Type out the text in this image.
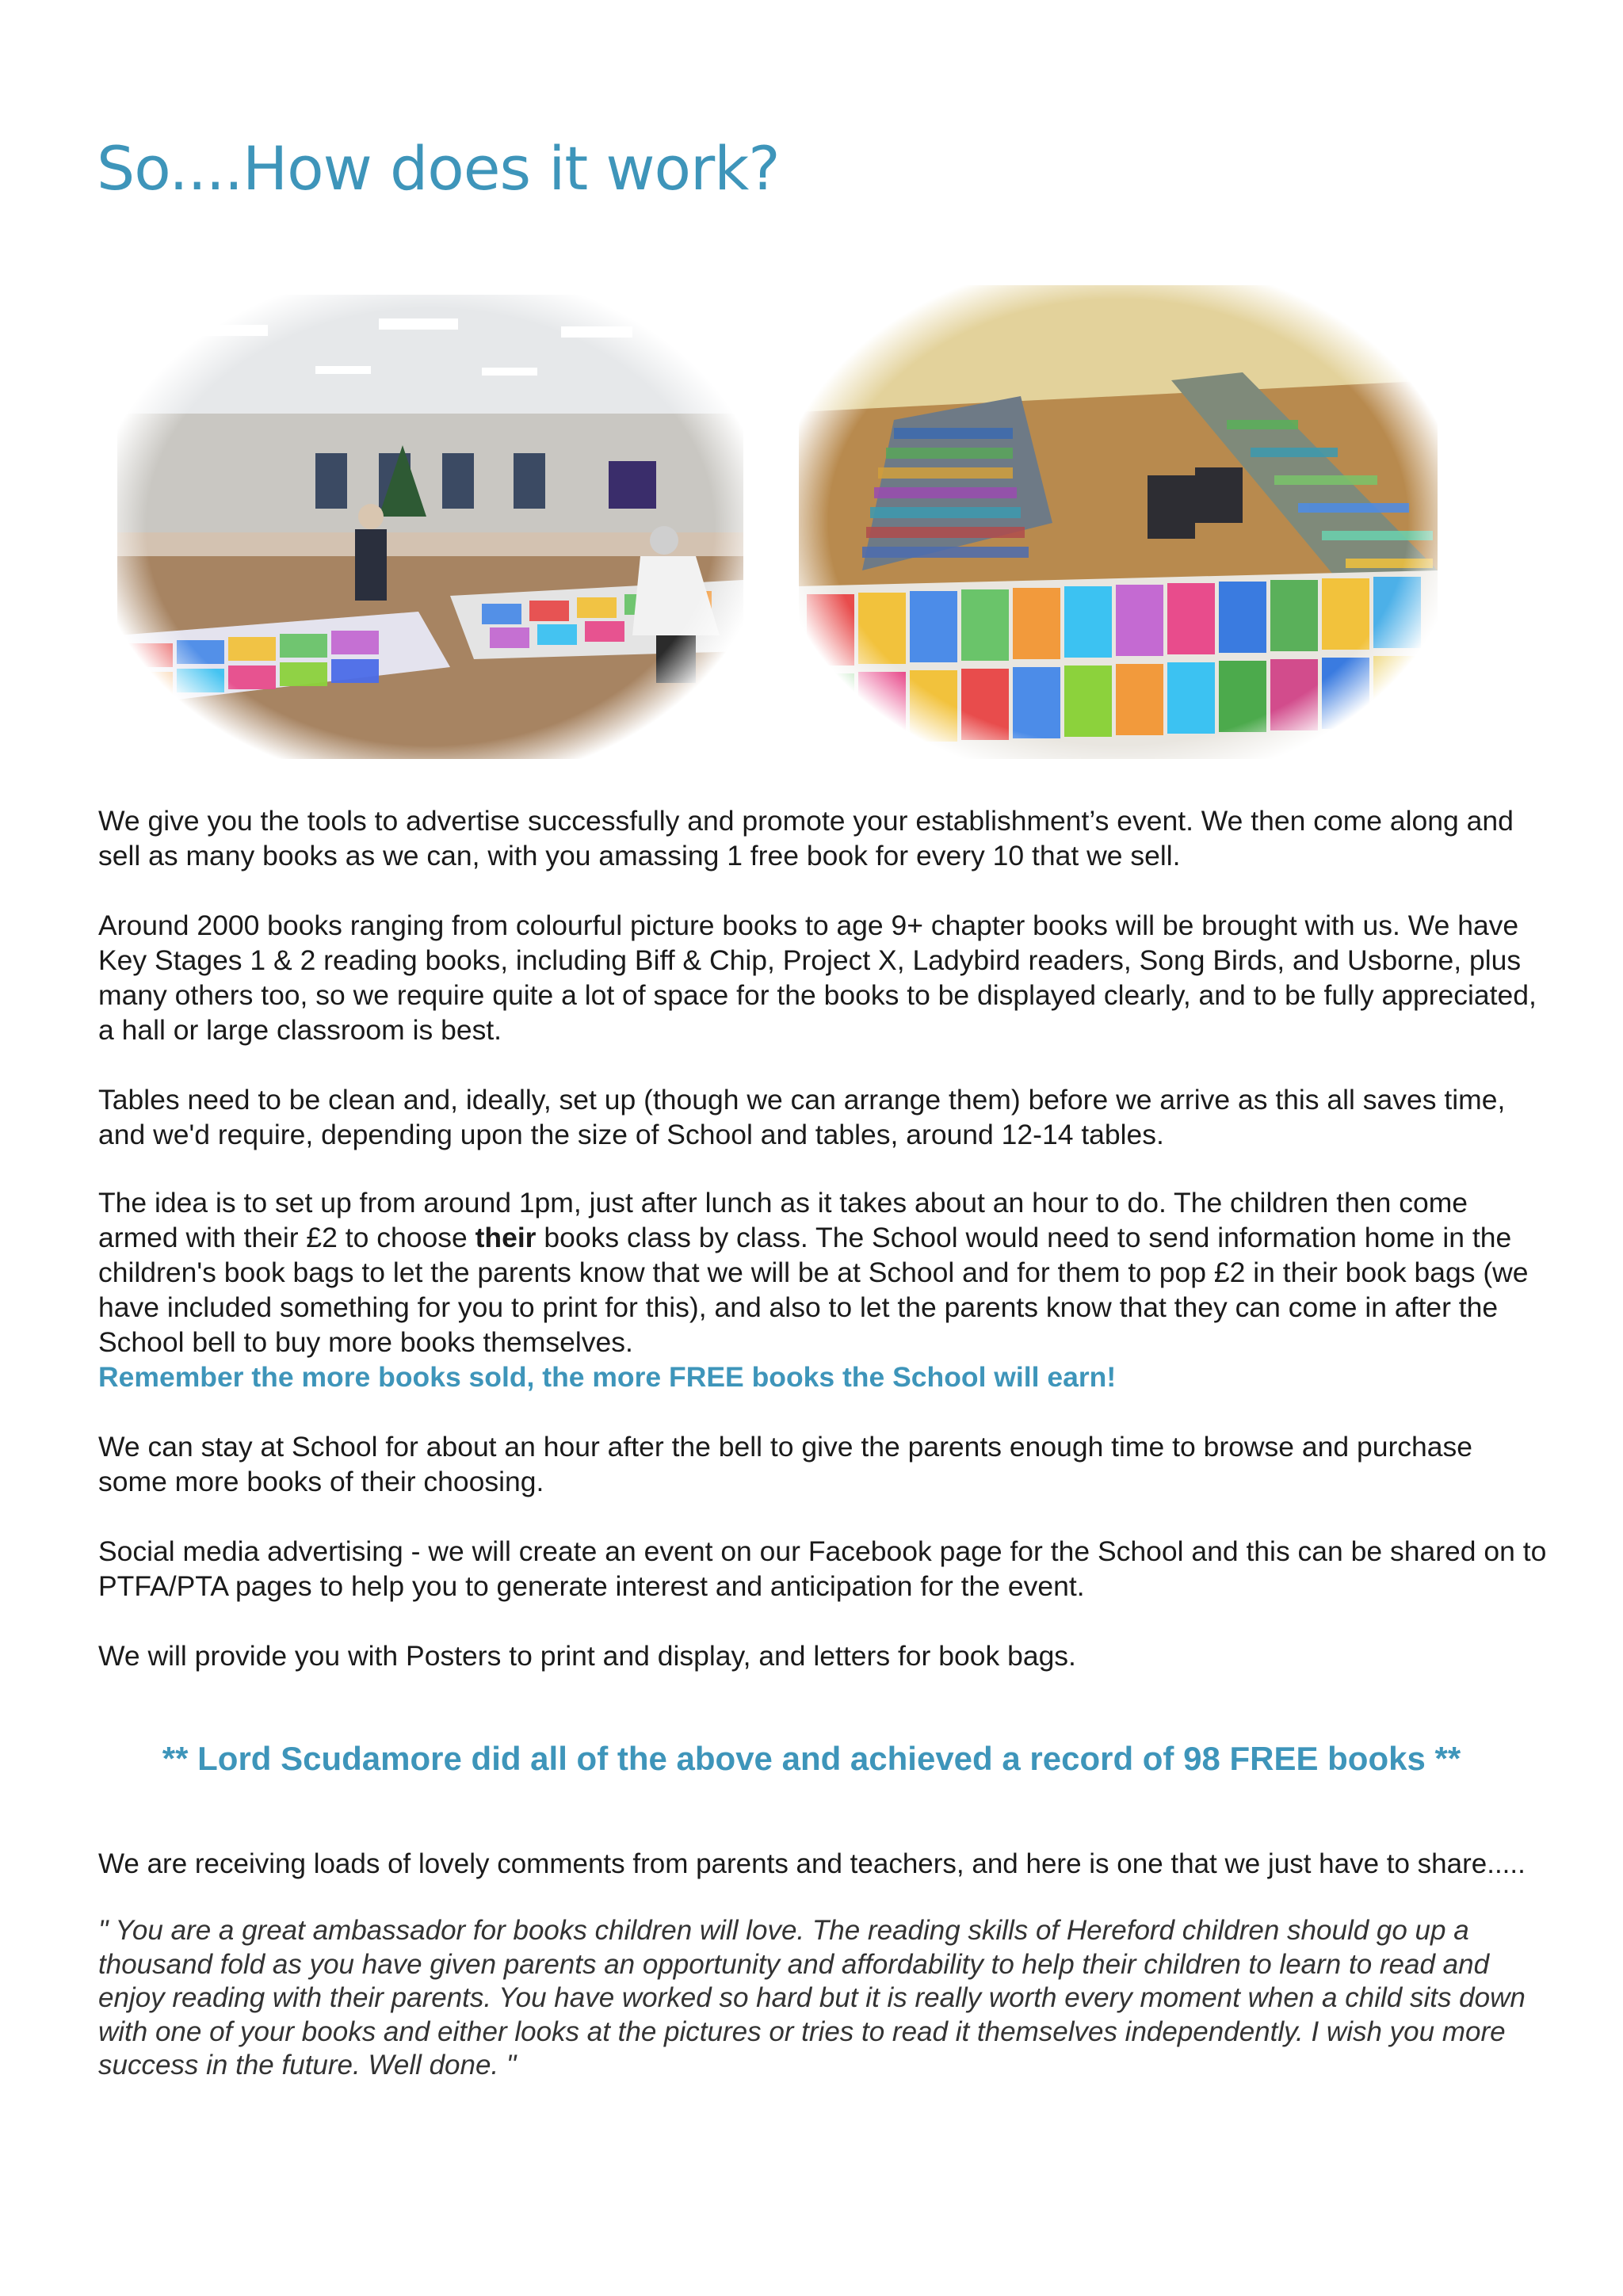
So....How does it work?

We give you the tools to advertise successfully and promote your establishment’s event. We then come along and sell as many books as we can, with you amassing 1 free book for every 10 that we sell.

Around 2000 books ranging from colourful picture books to age 9+ chapter books will be brought with us. We have Key Stages 1 & 2 reading books, including Biff & Chip, Project X, Ladybird readers, Song Birds, and Usborne, plus many others too, so we require quite a lot of space for the books to be displayed clearly, and to be fully appreciated, a hall or large classroom is best.

Tables need to be clean and, ideally, set up (though we can arrange them) before we arrive as this all saves time, and we'd require, depending upon the size of School and tables, around 12-14 tables.

The idea is to set up from around 1pm, just after lunch as it takes about an hour to do. The children then come armed with their £2 to choose their books class by class. The School would need to send information home in the children's book bags to let the parents know that we will be at School and for them to pop £2 in their book bags (we have included something for you to print for this), and also to let the parents know that they can come in after the School bell to buy more books themselves.

Remember the more books sold, the more FREE books the School will earn!

We can stay at School for about an hour after the bell to give the parents enough time to browse and purchase some more books of their choosing.

Social media advertising - we will create an event on our Facebook page for the School and this can be shared on to PTFA/PTA pages to help you to generate interest and anticipation for the event.

We will provide you with Posters to print and display, and letters for book bags.

** Lord Scudamore did all of the above and achieved a record of 98 FREE books **
We are receiving loads of lovely comments from parents and teachers, and here is one that we just have to share.....
" You are a great ambassador for books children will love. The reading skills of Hereford children should go up a thousand fold as you have given parents an opportunity and affordability to help their children to learn to read and enjoy reading with their parents. You have worked so hard but it is really worth every moment when a child sits down with one of your books and either looks at the pictures or tries to read it themselves independently. I wish you more success in the future. Well done. "
